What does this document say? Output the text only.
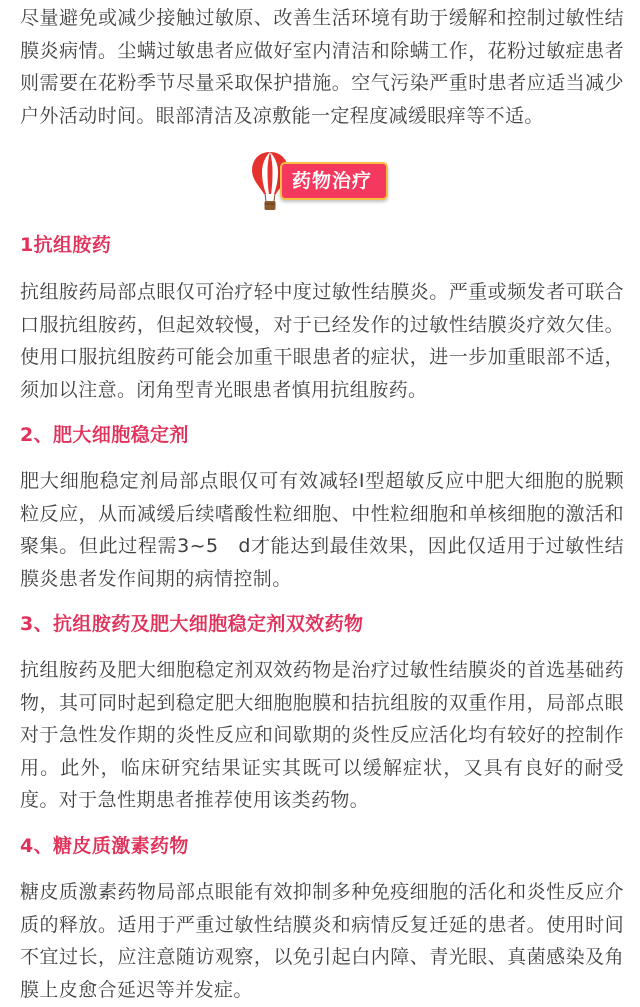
尽量避免或减少接触过敏原、改善生活环境有助于缓解和控制过敏性结膜炎病情。尘螨过敏患者应做好室内清洁和除螨工作，花粉过敏症患者则需要在花粉季节尽量采取保护措施。空气污染严重时患者应适当减少户外活动时间。眼部清洁及凉敷能一定程度减缓眼痒等不适。

药物治疗
1抗组胺药

抗组胺药局部点眼仅可治疗轻中度过敏性结膜炎。严重或频发者可联合口服抗组胺药，但起效较慢，对于已经发作的过敏性结膜炎疗效欠佳。使用口服抗组胺药可能会加重干眼患者的症状，进一步加重眼部不适，须加以注意。闭角型青光眼患者慎用抗组胺药。

2、肥大细胞稳定剂

肥大细胞稳定剂局部点眼仅可有效减轻Ⅰ型超敏反应中肥大细胞的脱颗粒反应，从而减缓后续嗜酸性粒细胞、中性粒细胞和单核细胞的激活和聚集。但此过程需3~5　d才能达到最佳效果，因此仅适用于过敏性结膜炎患者发作间期的病情控制。

3、抗组胺药及肥大细胞稳定剂双效药物

抗组胺药及肥大细胞稳定剂双效药物是治疗过敏性结膜炎的首选基础药物，其可同时起到稳定肥大细胞胞膜和拮抗组胺的双重作用，局部点眼对于急性发作期的炎性反应和间歇期的炎性反应活化均有较好的控制作用。此外，临床研究结果证实其既可以缓解症状，又具有良好的耐受度。对于急性期患者推荐使用该类药物。

4、糖皮质激素药物

糖皮质激素药物局部点眼能有效抑制多种免疫细胞的活化和炎性反应介质的释放。适用于严重过敏性结膜炎和病情反复迁延的患者。使用时间不宜过长，应注意随访观察，以免引起白内障、青光眼、真菌感染及角膜上皮愈合延迟等并发症。
